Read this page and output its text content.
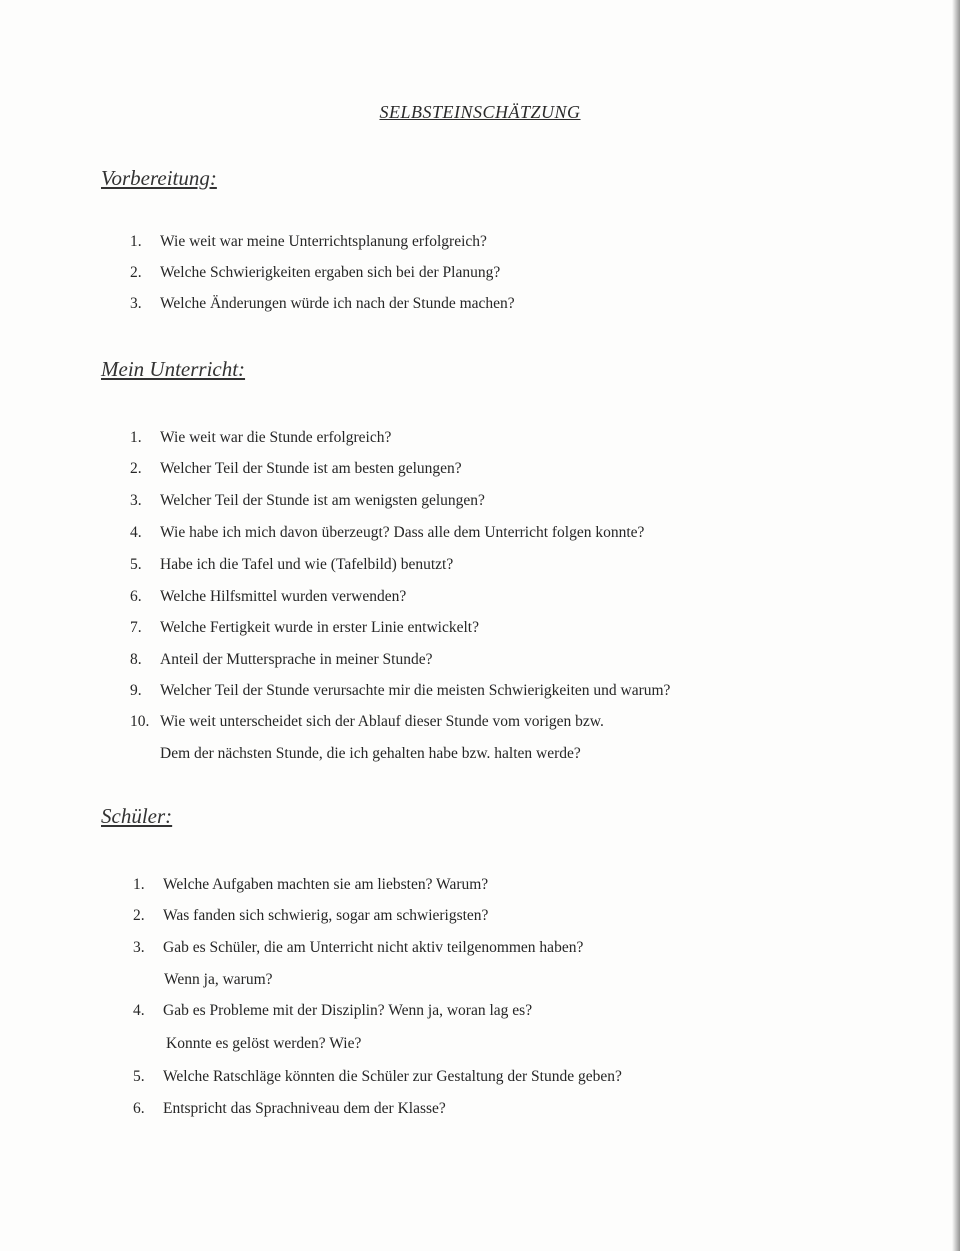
SELBSTEINSCHÄTZUNG
Vorbereitung:
1. Wie weit war meine Unterrichtsplanung erfolgreich?
2. Welche Schwierigkeiten ergaben sich bei der Planung?
3. Welche Änderungen würde ich nach der Stunde machen?
Mein Unterricht:
1. Wie weit war die Stunde erfolgreich?
2. Welcher Teil der Stunde ist am besten gelungen?
3. Welcher Teil der Stunde ist am wenigsten gelungen?
4. Wie habe ich mich davon überzeugt? Dass alle dem Unterricht folgen konnte?
5. Habe ich die Tafel und wie (Tafelbild) benutzt?
6. Welche Hilfsmittel wurden verwenden?
7. Welche Fertigkeit wurde in erster Linie entwickelt?
8. Anteil der Muttersprache in meiner Stunde?
9. Welcher Teil der Stunde verursachte mir die meisten Schwierigkeiten und warum?
10. Wie weit unterscheidet sich der Ablauf dieser Stunde vom vorigen bzw.
Dem der nächsten Stunde, die ich gehalten habe bzw. halten werde?
Schüler:
1. Welche Aufgaben machten sie am liebsten? Warum?
2. Was fanden sich schwierig, sogar am schwierigsten?
3. Gab es Schüler, die am Unterricht nicht aktiv teilgenommen haben?
Wenn ja, warum?
4. Gab es Probleme mit der Disziplin? Wenn ja, woran lag es?
Konnte es gelöst werden? Wie?
5. Welche Ratschläge könnten die Schüler zur Gestaltung der Stunde geben?
6. Entspricht das Sprachniveau dem der Klasse?
